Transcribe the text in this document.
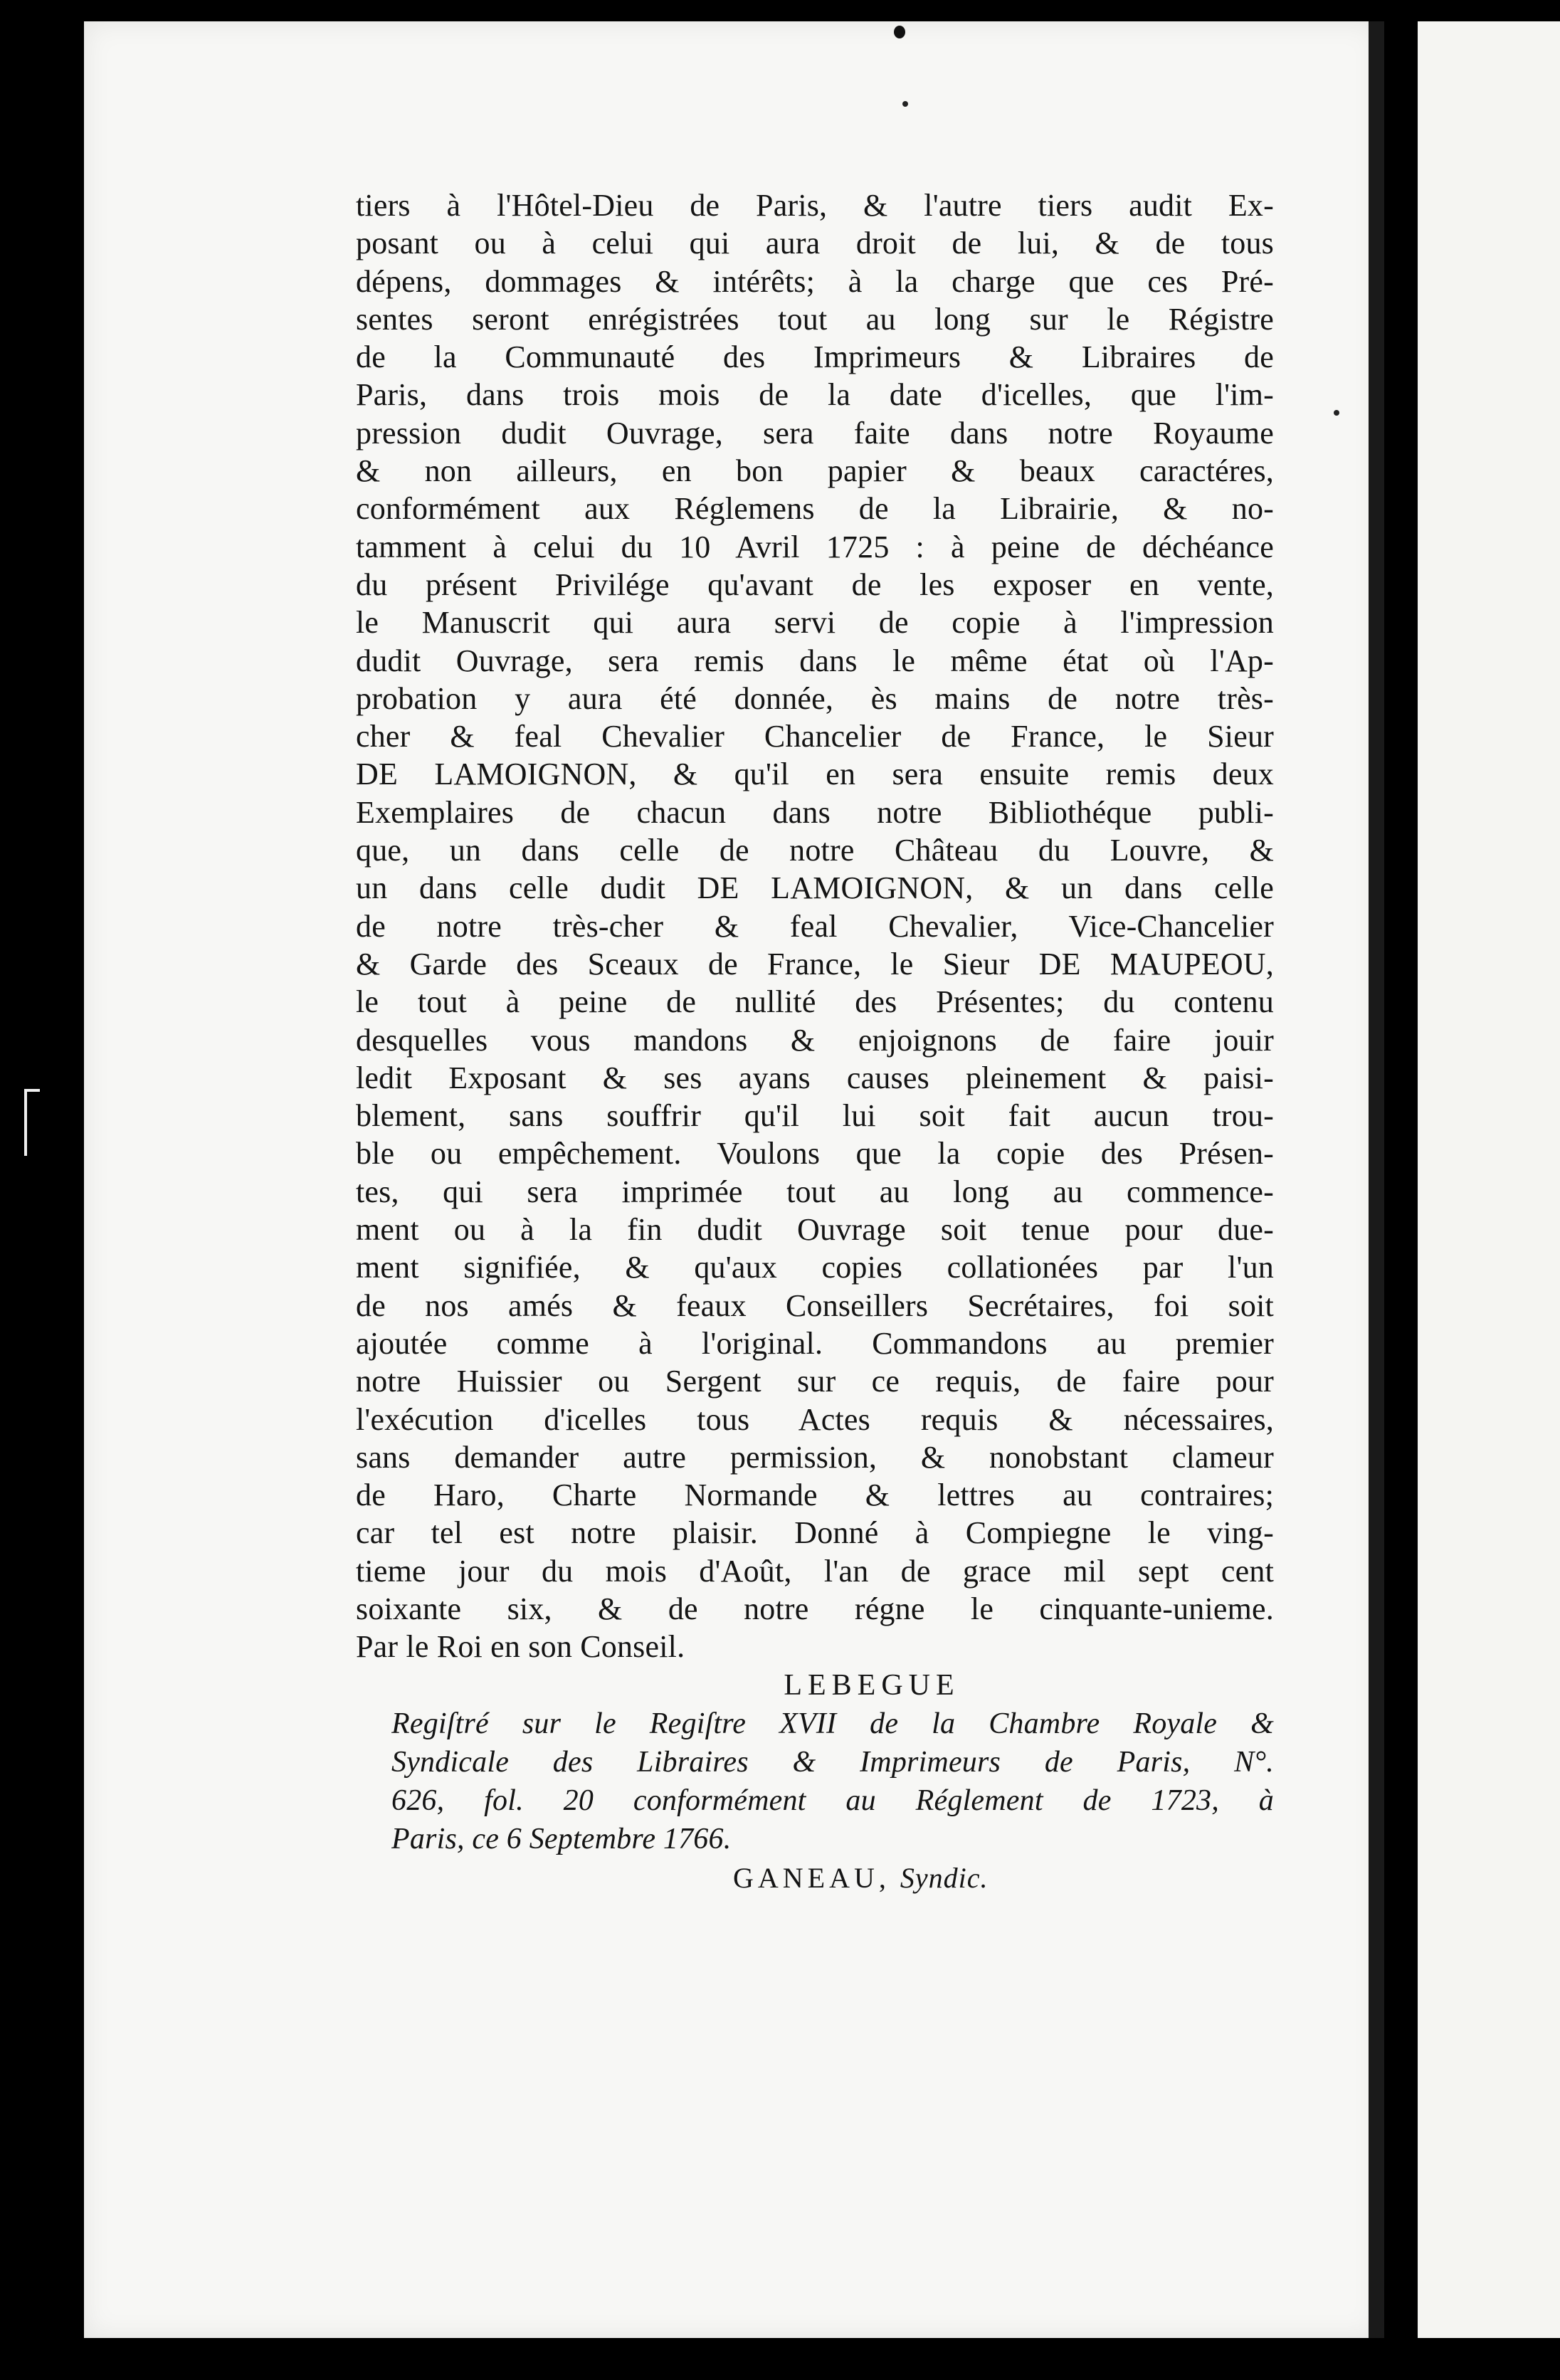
tiers à l'Hôtel-Dieu de Paris, & l'autre tiers audit Ex-
posant ou à celui qui aura droit de lui, & de tous
dépens, dommages & intérêts; à la charge que ces Pré-
sentes seront enrégistrées tout au long sur le Régistre
de la Communauté des Imprimeurs & Libraires de
Paris, dans trois mois de la date d'icelles, que l'im-
pression dudit Ouvrage, sera faite dans notre Royaume
& non ailleurs, en bon papier & beaux caractéres,
conformément aux Réglemens de la Librairie, & no-
tamment à celui du 10 Avril 1725 : à peine de déchéance
du présent Privilége qu'avant de les exposer en vente,
le Manuscrit qui aura servi de copie à l'impression
dudit Ouvrage, sera remis dans le même état où l'Ap-
probation y aura été donnée, ès mains de notre très-
cher & feal Chevalier Chancelier de France, le Sieur
DE LAMOIGNON, & qu'il en sera ensuite remis deux
Exemplaires de chacun dans notre Bibliothéque publi-
que, un dans celle de notre Château du Louvre, &
un dans celle dudit DE LAMOIGNON, & un dans celle
de notre très-cher & feal Chevalier, Vice-Chancelier
& Garde des Sceaux de France, le Sieur DE MAUPEOU,
le tout à peine de nullité des Présentes; du contenu
desquelles vous mandons & enjoignons de faire jouir
ledit Exposant & ses ayans causes pleinement & paisi-
blement, sans souffrir qu'il lui soit fait aucun trou-
ble ou empêchement. Voulons que la copie des Présen-
tes, qui sera imprimée tout au long au commence-
ment ou à la fin dudit Ouvrage soit tenue pour due-
ment signifiée, & qu'aux copies collationées par l'un
de nos amés & feaux Conseillers Secrétaires, foi soit
ajoutée comme à l'original. Commandons au premier
notre Huissier ou Sergent sur ce requis, de faire pour
l'exécution d'icelles tous Actes requis & nécessaires,
sans demander autre permission, & nonobstant clameur
de Haro, Charte Normande & lettres au contraires;
car tel est notre plaisir. Donné à Compiegne le ving-
tieme jour du mois d'Août, l'an de grace mil sept cent
soixante six, & de notre régne le cinquante-unieme.
Par le Roi en son Conseil.
LEBEGUE
Regiſtré sur le Regiſtre XVII de la Chambre Royale &
Syndicale des Libraires & Imprimeurs de Paris, N°.
626, fol. 20 conformément au Réglement de 1723, à
Paris, ce 6 Septembre 1766.
GANEAU, Syndic.
